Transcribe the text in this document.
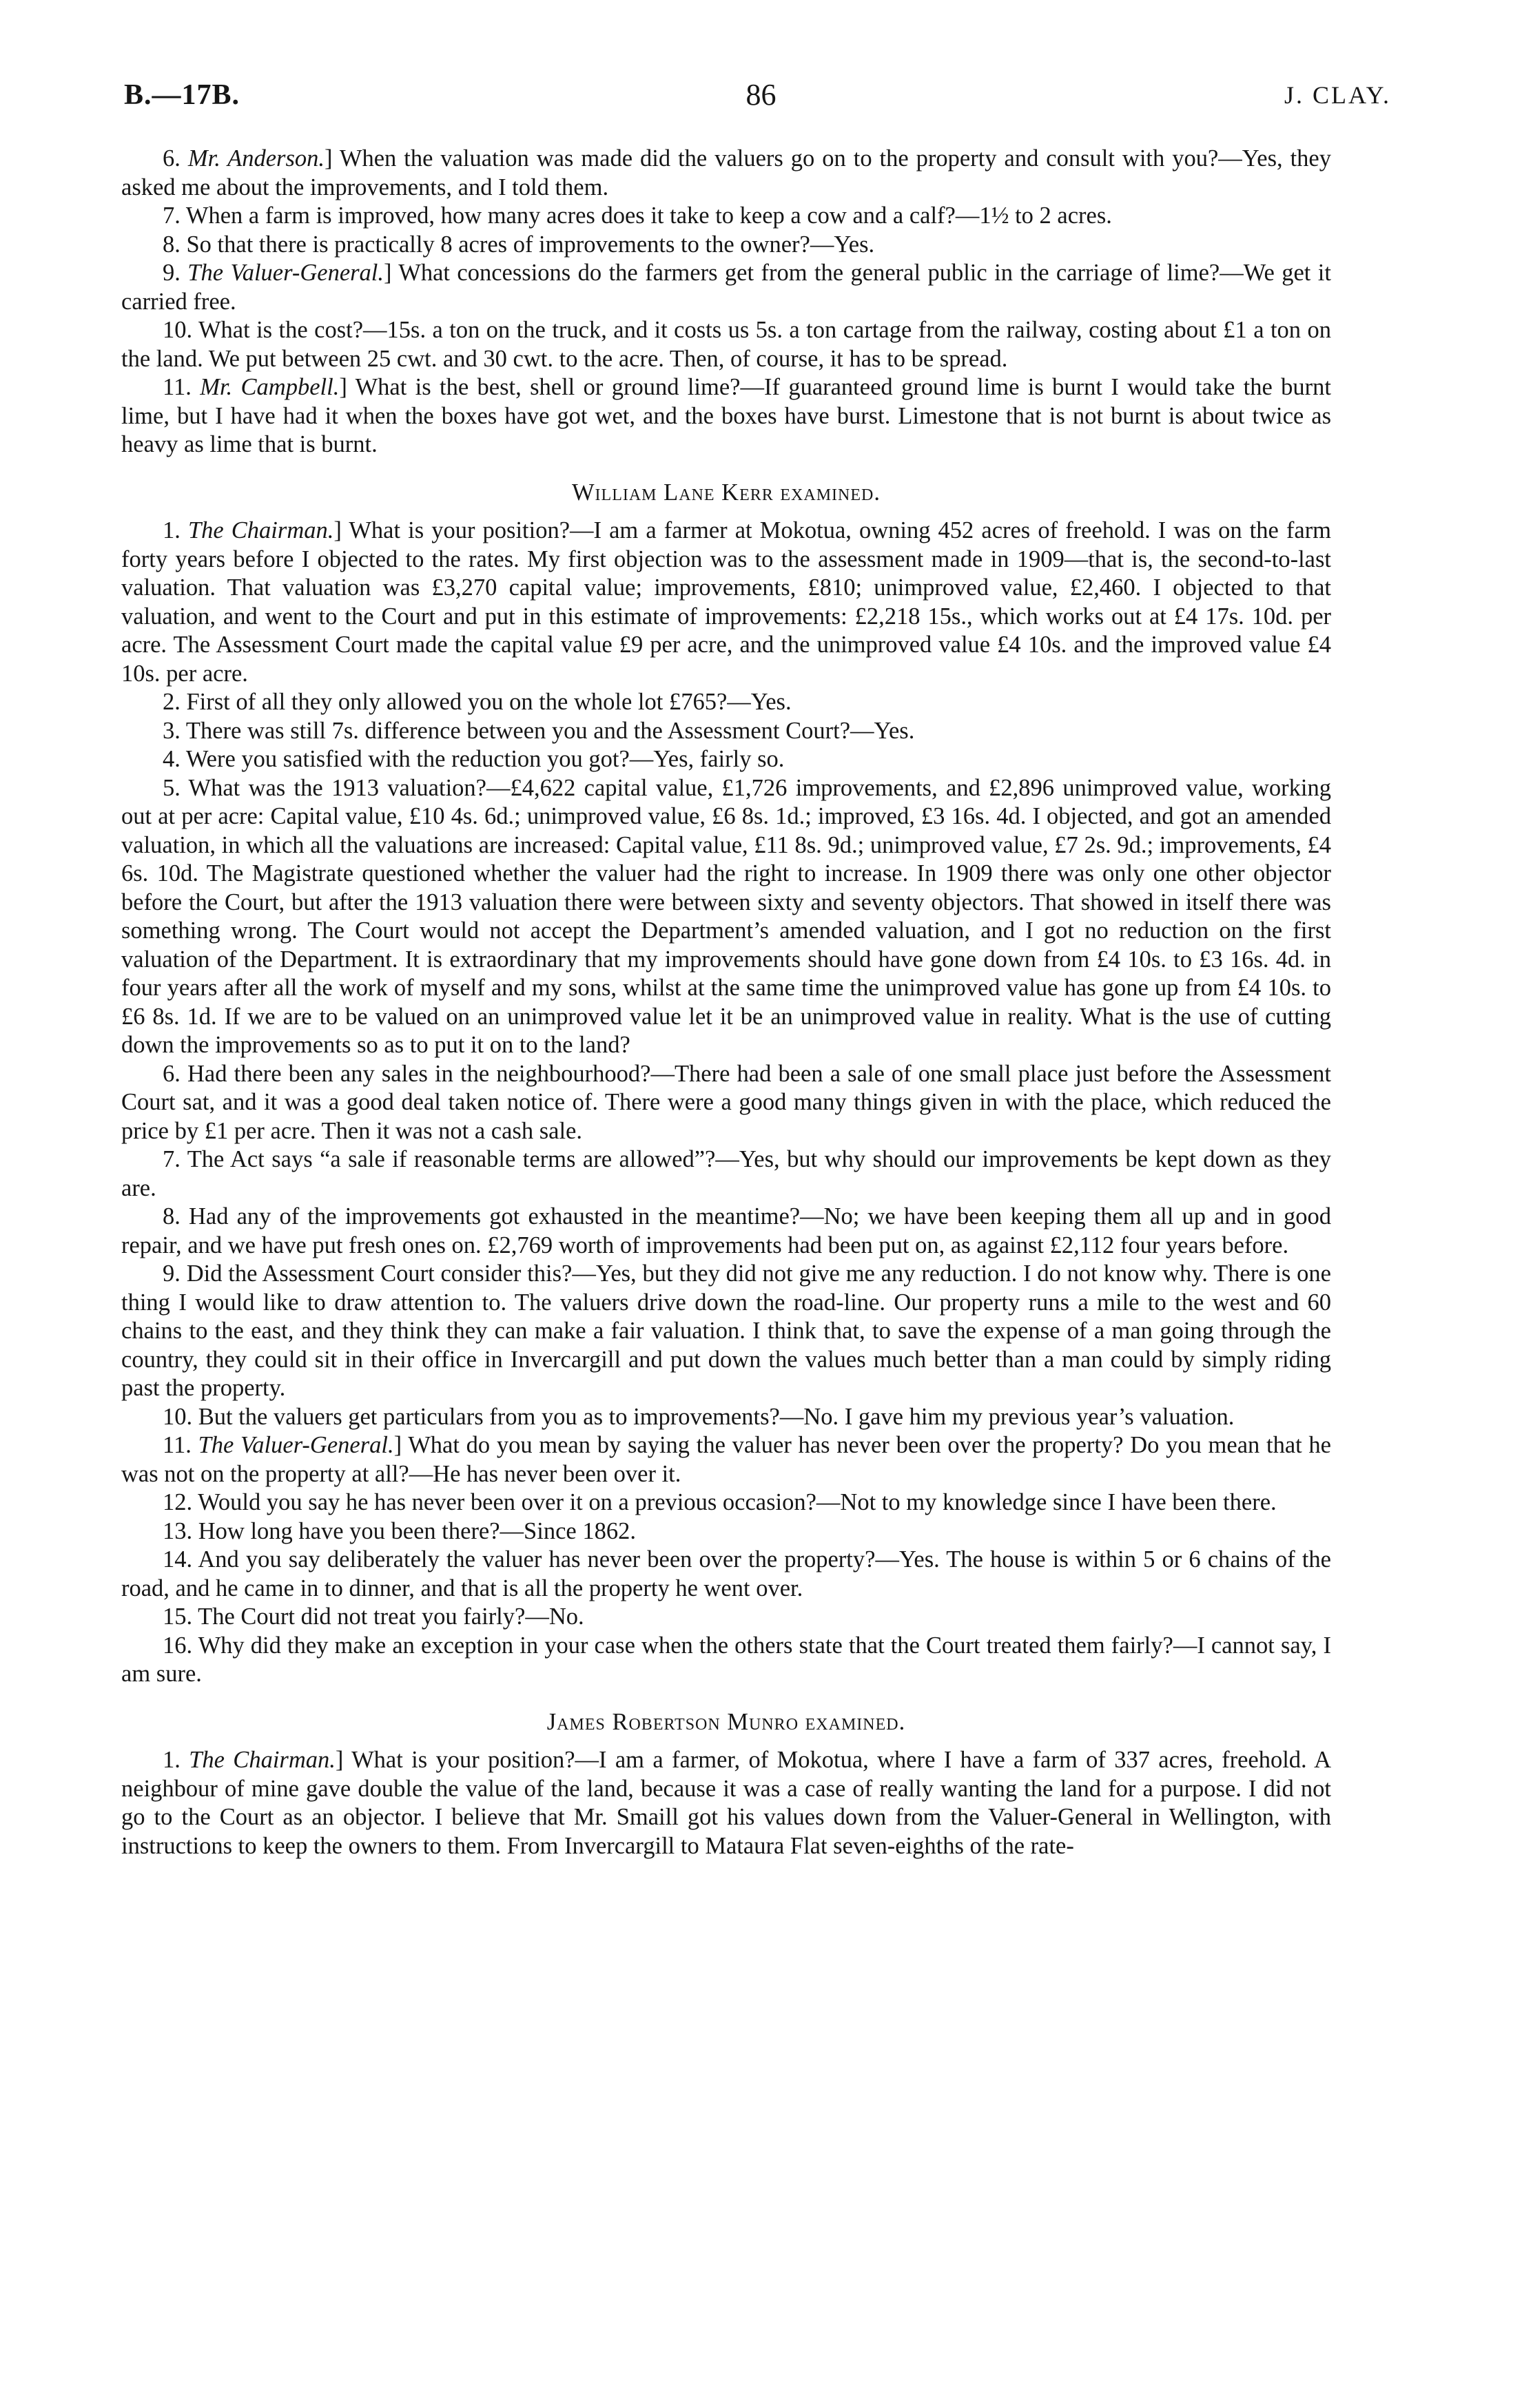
B.—17B.	86	J. CLAY.

6. Mr. Anderson.] When the valuation was made did the valuers go on to the property and consult with you?—Yes, they asked me about the improvements, and I told them.

7. When a farm is improved, how many acres does it take to keep a cow and a calf?—1½ to 2 acres.

8. So that there is practically 8 acres of improvements to the owner?—Yes.

9. The Valuer-General.] What concessions do the farmers get from the general public in the carriage of lime?—We get it carried free.

10. What is the cost?—15s. a ton on the truck, and it costs us 5s. a ton cartage from the railway, costing about £1 a ton on the land. We put between 25 cwt. and 30 cwt. to the acre. Then, of course, it has to be spread.

11. Mr. Campbell.] What is the best, shell or ground lime?—If guaranteed ground lime is burnt I would take the burnt lime, but I have had it when the boxes have got wet, and the boxes have burst. Limestone that is not burnt is about twice as heavy as lime that is burnt.

William Lane Kerr examined.

1. The Chairman.] What is your position?—I am a farmer at Mokotua, owning 452 acres of freehold. I was on the farm forty years before I objected to the rates. My first objection was to the assessment made in 1909—that is, the second-to-last valuation. That valuation was £3,270 capital value; improvements, £810; unimproved value, £2,460. I objected to that valuation, and went to the Court and put in this estimate of improvements: £2,218 15s., which works out at £4 17s. 10d. per acre. The Assessment Court made the capital value £9 per acre, and the unimproved value £4 10s. and the improved value £4 10s. per acre.

2. First of all they only allowed you on the whole lot £765?—Yes.

3. There was still 7s. difference between you and the Assessment Court?—Yes.

4. Were you satisfied with the reduction you got?—Yes, fairly so.

5. What was the 1913 valuation?—£4,622 capital value, £1,726 improvements, and £2,896 unimproved value, working out at per acre: Capital value, £10 4s. 6d.; unimproved value, £6 8s. 1d.; improved, £3 16s. 4d. I objected, and got an amended valuation, in which all the valuations are increased: Capital value, £11 8s. 9d.; unimproved value, £7 2s. 9d.; improvements, £4 6s. 10d. The Magistrate questioned whether the valuer had the right to increase. In 1909 there was only one other objector before the Court, but after the 1913 valuation there were between sixty and seventy objectors. That showed in itself there was something wrong. The Court would not accept the Department’s amended valuation, and I got no reduction on the first valuation of the Department. It is extraordinary that my improvements should have gone down from £4 10s. to £3 16s. 4d. in four years after all the work of myself and my sons, whilst at the same time the unimproved value has gone up from £4 10s. to £6 8s. 1d. If we are to be valued on an unimproved value let it be an unimproved value in reality. What is the use of cutting down the improvements so as to put it on to the land?

6. Had there been any sales in the neighbourhood?—There had been a sale of one small place just before the Assessment Court sat, and it was a good deal taken notice of. There were a good many things given in with the place, which reduced the price by £1 per acre. Then it was not a cash sale.

7. The Act says “a sale if reasonable terms are allowed”?—Yes, but why should our improvements be kept down as they are.

8. Had any of the improvements got exhausted in the meantime?—No; we have been keeping them all up and in good repair, and we have put fresh ones on. £2,769 worth of improvements had been put on, as against £2,112 four years before.

9. Did the Assessment Court consider this?—Yes, but they did not give me any reduction. I do not know why. There is one thing I would like to draw attention to. The valuers drive down the road-line. Our property runs a mile to the west and 60 chains to the east, and they think they can make a fair valuation. I think that, to save the expense of a man going through the country, they could sit in their office in Invercargill and put down the values much better than a man could by simply riding past the property.

10. But the valuers get particulars from you as to improvements?—No. I gave him my previous year’s valuation.

11. The Valuer-General.] What do you mean by saying the valuer has never been over the property? Do you mean that he was not on the property at all?—He has never been over it.

12. Would you say he has never been over it on a previous occasion?—Not to my knowledge since I have been there.

13. How long have you been there?—Since 1862.

14. And you say deliberately the valuer has never been over the property?—Yes. The house is within 5 or 6 chains of the road, and he came in to dinner, and that is all the property he went over.

15. The Court did not treat you fairly?—No.

16. Why did they make an exception in your case when the others state that the Court treated them fairly?—I cannot say, I am sure.

James Robertson Munro examined.

1. The Chairman.] What is your position?—I am a farmer, of Mokotua, where I have a farm of 337 acres, freehold. A neighbour of mine gave double the value of the land, because it was a case of really wanting the land for a purpose. I did not go to the Court as an objector. I believe that Mr. Smaill got his values down from the Valuer-General in Wellington, with instructions to keep the owners to them. From Invercargill to Mataura Flat seven-eighths of the rate-
